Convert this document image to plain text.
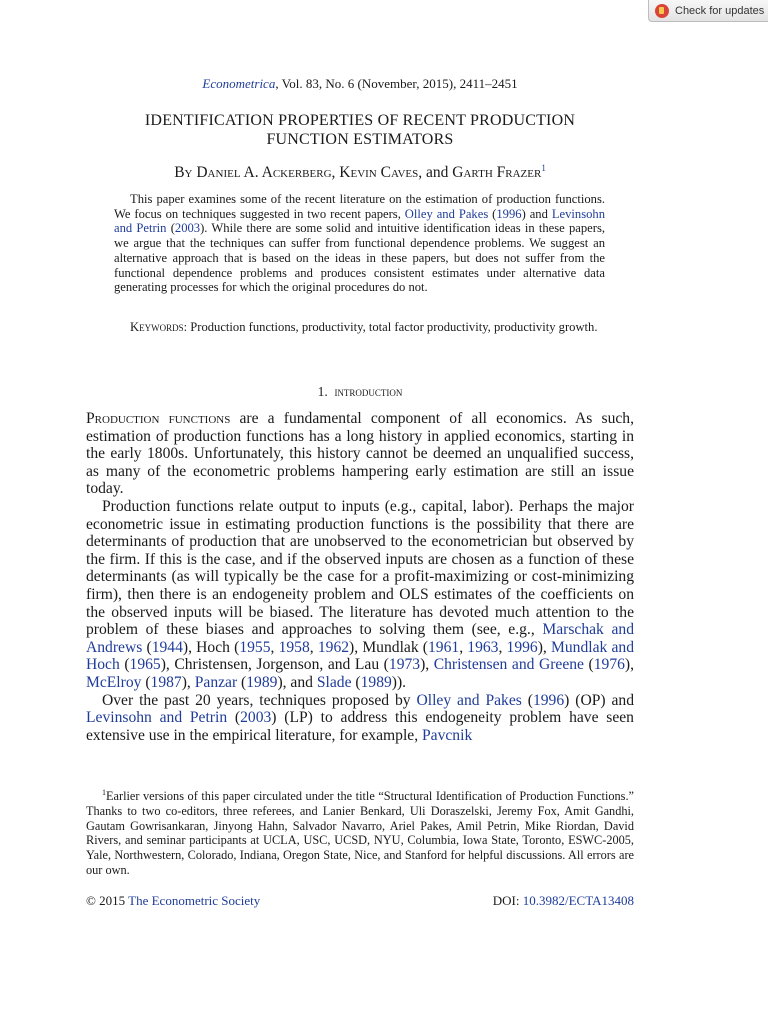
Check for updates
Econometrica, Vol. 83, No. 6 (November, 2015), 2411–2451
IDENTIFICATION PROPERTIES OF RECENT PRODUCTION
FUNCTION ESTIMATORS
By Daniel A. Ackerberg, Kevin Caves, and Garth Frazer$^1$

This paper examines some of the recent literature on the estimation of production functions. We focus on techniques suggested in two recent papers, Olley and Pakes (1996) and Levinsohn and Petrin (2003). While there are some solid and intuitive identification ideas in these papers, we argue that the techniques can suffer from functional dependence problems. We suggest an alternative approach that is based on the ideas in these papers, but does not suffer from the functional dependence problems and produces consistent estimates under alternative data generating processes for which the original procedures do not.

Keywords: Production functions, productivity, total factor productivity, productivity growth.

1. introduction

Production functions are a fundamental component of all economics. As such, estimation of production functions has a long history in applied economics, starting in the early 1800s. Unfortunately, this history cannot be deemed an unqualified success, as many of the econometric problems hampering early estimation are still an issue today.

Production functions relate output to inputs (e.g., capital, labor). Perhaps the major econometric issue in estimating production functions is the possibility that there are determinants of production that are unobserved to the econometrician but observed by the firm. If this is the case, and if the observed inputs are chosen as a function of these determinants (as will typically be the case for a profit-maximizing or cost-minimizing firm), then there is an endogeneity problem and OLS estimates of the coefficients on the observed inputs will be biased. The literature has devoted much attention to the problem of these biases and approaches to solving them (see, e.g., Marschak and Andrews (1944), Hoch (1955, 1958, 1962), Mundlak (1961, 1963, 1996), Mundlak and Hoch (1965), Christensen, Jorgenson, and Lau (1973), Christensen and Greene (1976), McElroy (1987), Panzar (1989), and Slade (1989)).

Over the past 20 years, techniques proposed by Olley and Pakes (1996) (OP) and Levinsohn and Petrin (2003) (LP) to address this endogeneity problem have seen extensive use in the empirical literature, for example, Pavcnik

$^1$Earlier versions of this paper circulated under the title “Structural Identification of Production Functions.” Thanks to two co-editors, three referees, and Lanier Benkard, Uli Doraszelski, Jeremy Fox, Amit Gandhi, Gautam Gowrisankaran, Jinyong Hahn, Salvador Navarro, Ariel Pakes, Amil Petrin, Mike Riordan, David Rivers, and seminar participants at UCLA, USC, UCSD, NYU, Columbia, Iowa State, Toronto, ESWC-2005, Yale, Northwestern, Colorado, Indiana, Oregon State, Nice, and Stanford for helpful discussions. All errors are our own.

© 2015 The Econometric Society	DOI: 10.3982/ECTA13408
